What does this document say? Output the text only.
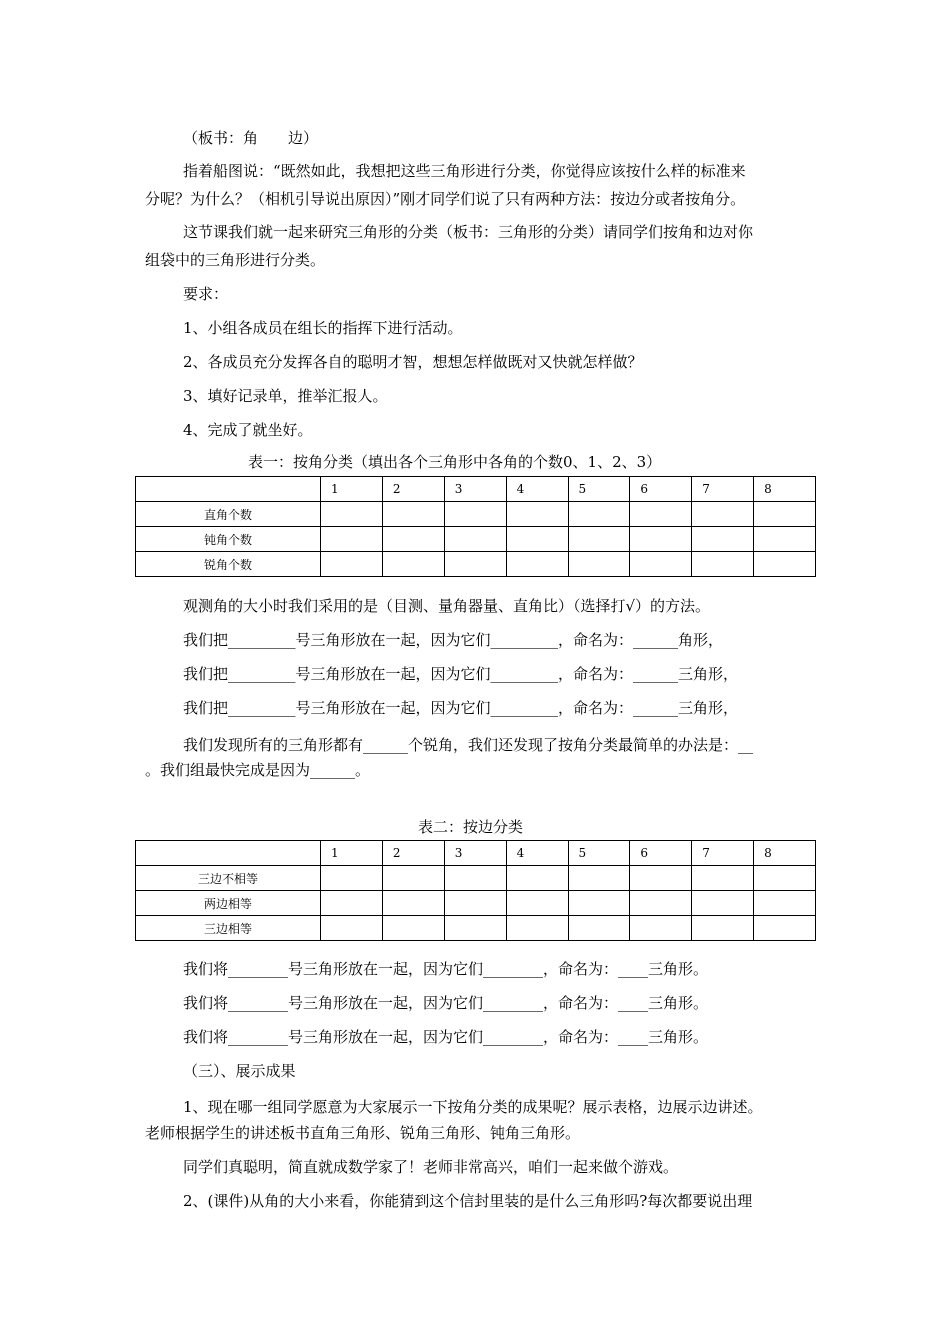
（板书：角　　边）
指着船图说：“既然如此，我想把这些三角形进行分类，你觉得应该按什么样的标准来
分呢？为什么？（相机引导说出原因）”刚才同学们说了只有两种方法：按边分或者按角分。
这节课我们就一起来研究三角形的分类（板书：三角形的分类）请同学们按角和边对你
组袋中的三角形进行分类。
要求：
1、小组各成员在组长的指挥下进行活动。
2、各成员充分发挥各自的聪明才智，想想怎样做既对又快就怎样做？
3、填好记录单，推举汇报人。
4、完成了就坐好。
表一：按角分类（填出各个三角形中各角的个数0、1、2、3）
	1	2	3	4	5	6	7	8
直角个数								
钝角个数								
锐角个数								
观测角的大小时我们采用的是（目测、量角器量、直角比）（选择打√）的方法。
我们把_________号三角形放在一起，因为它们_________，命名为：______角形，
我们把_________号三角形放在一起，因为它们_________，命名为：______三角形，
我们把_________号三角形放在一起，因为它们_________，命名为：______三角形，
我们发现所有的三角形都有______个锐角，我们还发现了按角分类最简单的办法是：__
。我们组最快完成是因为______。
表二：按边分类
	1	2	3	4	5	6	7	8
三边不相等								
两边相等								
三边相等								
我们将________号三角形放在一起，因为它们________，命名为：____三角形。
我们将________号三角形放在一起，因为它们________，命名为：____三角形。
我们将________号三角形放在一起，因为它们________，命名为：____三角形。
（三）、展示成果
1、现在哪一组同学愿意为大家展示一下按角分类的成果呢？展示表格，边展示边讲述。
老师根据学生的讲述板书直角三角形、锐角三角形、钝角三角形。
同学们真聪明，简直就成数学家了！老师非常高兴，咱们一起来做个游戏。
2、(课件)从角的大小来看，你能猜到这个信封里装的是什么三角形吗?每次都要说出理
